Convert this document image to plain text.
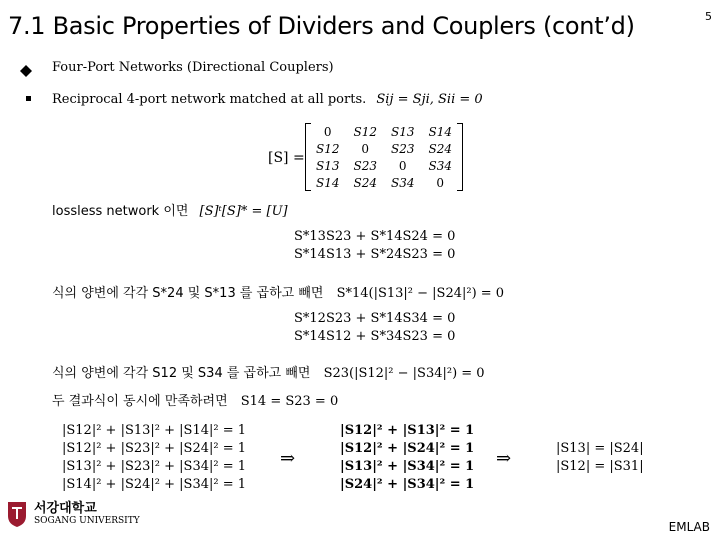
7.1 Basic Properties of Dividers and Couplers (cont’d)	5
Four-Port Networks (Directional Couplers)
Reciprocal 4-port network matched at all ports. Sij = Sji, Sii = 0
[S] =
0	S12	S13	S14
S12	0	S23	S24
S13	S23	0	S34
S14	S24	S34	0
lossless network 이면 [S]ᵗ[S]* = [U]
S*13S23 + S*14S24 = 0
S*14S13 + S*24S23 = 0
식의 양변에 각각 S*24 및 S*13 를 곱하고 빼면 S*14(|S13|² − |S24|²) = 0
S*12S23 + S*14S34 = 0
S*14S12 + S*34S23 = 0
식의 양변에 각각 S12 및 S34 를 곱하고 빼면 S23(|S12|² − |S34|²) = 0
두 결과식이 동시에 만족하려면 S14 = S23 = 0
|S12|² + |S13|² + |S14|² = 1
|S12|² + |S23|² + |S24|² = 1
|S13|² + |S23|² + |S34|² = 1
|S14|² + |S24|² + |S34|² = 1
⇒
|S12|² + |S13|² = 1
|S12|² + |S24|² = 1
|S13|² + |S34|² = 1
|S24|² + |S34|² = 1
⇒	|S13| = |S24|
|S12| = |S31|
서강대학교
SOGANG UNIVERSITY	EMLAB
